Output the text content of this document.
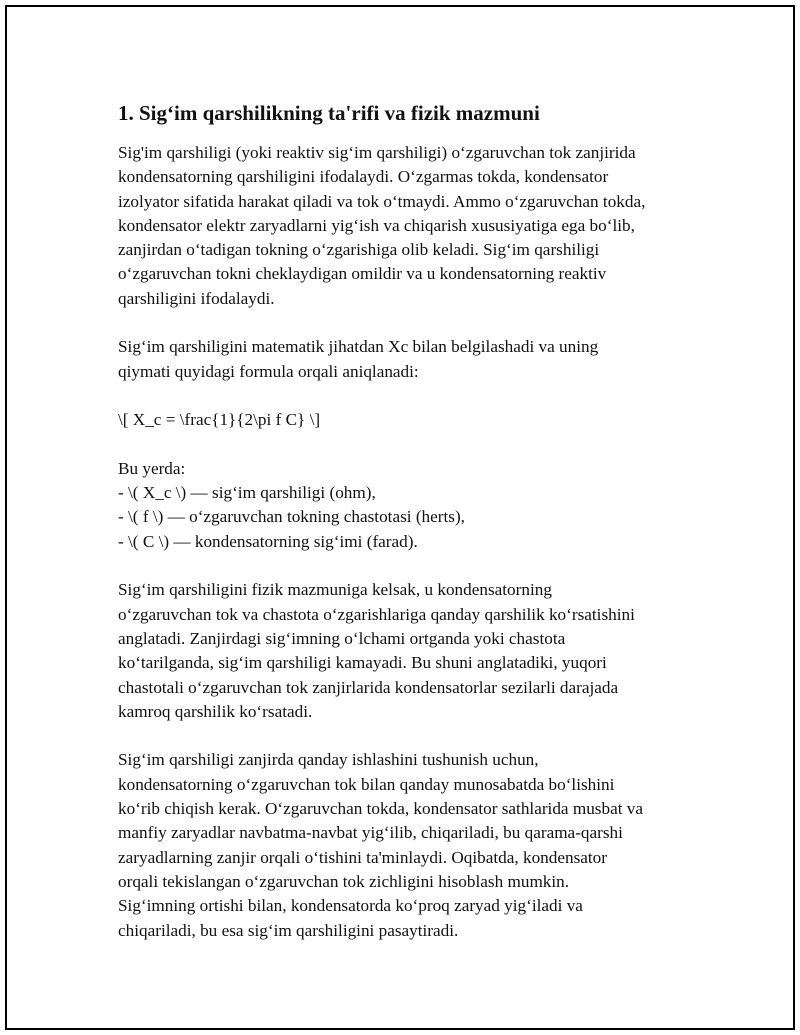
1. Sig‘im qarshilikning ta'rifi va fizik mazmuni
Sig'im qarshiligi (yoki reaktiv sig‘im qarshiligi) o‘zgaruvchan tok zanjirida
kondensatorning qarshiligini ifodalaydi. O‘zgarmas tokda, kondensator
izolyator sifatida harakat qiladi va tok o‘tmaydi. Ammo o‘zgaruvchan tokda,
kondensator elektr zaryadlarni yig‘ish va chiqarish xususiyatiga ega bo‘lib,
zanjirdan o‘tadigan tokning o‘zgarishiga olib keladi. Sig‘im qarshiligi
o‘zgaruvchan tokni cheklaydigan omildir va u kondensatorning reaktiv
qarshiligini ifodalaydi.
Sig‘im qarshiligini matematik jihatdan Xc bilan belgilashadi va uning
qiymati quyidagi formula orqali aniqlanadi:
\[ X_c = \frac{1}{2\pi f C} \]
Bu yerda:
- \( X_c \) — sig‘im qarshiligi (ohm),
- \( f \) — o‘zgaruvchan tokning chastotasi (herts),
- \( C \) — kondensatorning sig‘imi (farad).
Sig‘im qarshiligini fizik mazmuniga kelsak, u kondensatorning
o‘zgaruvchan tok va chastota o‘zgarishlariga qanday qarshilik ko‘rsatishini
anglatadi. Zanjirdagi sig‘imning o‘lchami ortganda yoki chastota
ko‘tarilganda, sig‘im qarshiligi kamayadi. Bu shuni anglatadiki, yuqori
chastotali o‘zgaruvchan tok zanjirlarida kondensatorlar sezilarli darajada
kamroq qarshilik ko‘rsatadi.
Sig‘im qarshiligi zanjirda qanday ishlashini tushunish uchun,
kondensatorning o‘zgaruvchan tok bilan qanday munosabatda bo‘lishini
ko‘rib chiqish kerak. O‘zgaruvchan tokda, kondensator sathlarida musbat va
manfiy zaryadlar navbatma-navbat yig‘ilib, chiqariladi, bu qarama-qarshi
zaryadlarning zanjir orqali o‘tishini ta'minlaydi. Oqibatda, kondensator
orqali tekislangan o‘zgaruvchan tok zichligini hisoblash mumkin.
Sig‘imning ortishi bilan, kondensatorda ko‘proq zaryad yig‘iladi va
chiqariladi, bu esa sig‘im qarshiligini pasaytiradi.
